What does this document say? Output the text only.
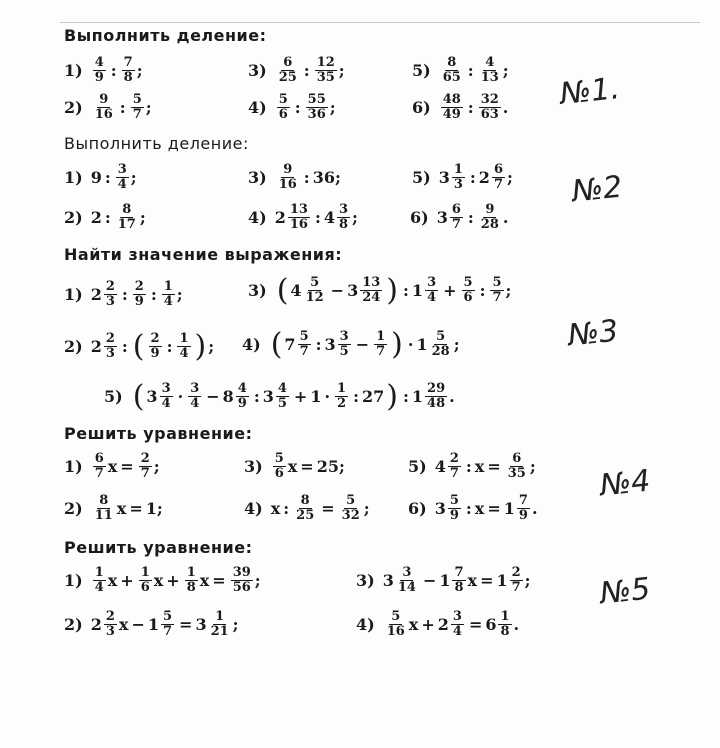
Выполнить деление:
$1) \frac{4}{9}$ : $\frac{7}{8}$ ;	$3) \frac{6}{25}$ : $\frac{12}{35}$ ;	$5) \frac{8}{65}$ : $\frac{4}{13}$ ;
$2) \frac{9}{16}$ : $\frac{5}{7}$ ;	$4) \frac{5}{6}$ : $\frac{55}{36}$ ;	$6) \frac{48}{49}$ : $\frac{32}{63}$ . №1.
Выполнить деление:
1) 9 : $\frac{3}{4}$ ;	$3) \frac{9}{16}$ : 36;	5) $3 \frac{1}{3}$ : $2 \frac{6}{7}$ ;
2) 2 : $\frac{8}{17}$ ;	4) $2 \frac{13}{16}$ : $4 \frac{3}{8}$ ;	6) $3 \frac{6}{7}$ : $\frac{9}{28}$ .
№2
Найти значение выражения:
1) $2 \frac{2}{3}$ : $\frac{2}{9}$ : $\frac{1}{4}$ ;	3) ( $4 \frac{5}{12} - 3 \frac{13}{24}$ ) : $1 \frac{3}{4} + \frac{5}{6}$ : $\frac{5}{7}$ ;
2) $2 \frac{2}{3}$ : ( $\frac{2}{9}$ : $\frac{1}{4}$ ) ; 4) ( $7 \frac{5}{7}$ : $3 \frac{3}{5} - \frac{1}{7}$ ) · $1 \frac{5}{28}$ ;
5) ( $3 \frac{3}{4} \cdot \frac{3}{4} - 8 \frac{4}{9}$ : $3 \frac{4}{5} + 1 \cdot \frac{1}{2}$ : 27 ) : $1 \frac{29}{48}$ .
№3
Решить уравнение:
$1) \frac{6}{7}$ $x = \frac{2}{7}$ ;	$3) \frac{5}{6}$ x = 25;	5) $4 \frac{2}{7}$ : $x = \frac{6}{35}$ ;
$2) \frac{8}{11}$ x = 1;	4) x : $\frac{8}{25} = \frac{5}{32}$ ; 6) $3 \frac{5}{9}$ : $x = 1 \frac{7}{9}$ .
№4
Решить уравнение:
$1) \frac{1}{4}$ $x + \frac{1}{6}$ $x + \frac{1}{8}$ $x = \frac{39}{56}$ ;	3) $3 \frac{3}{14} - 1 \frac{7}{8}$ $x = 1 \frac{2}{7}$ ;
2) $2 \frac{2}{3}$ $x - 1 \frac{5}{7} = 3 \frac{1}{21}$ ;	$4) \frac{5}{16}$ $x + 2 \frac{3}{4} = 6 \frac{1}{8}$ .
№5
